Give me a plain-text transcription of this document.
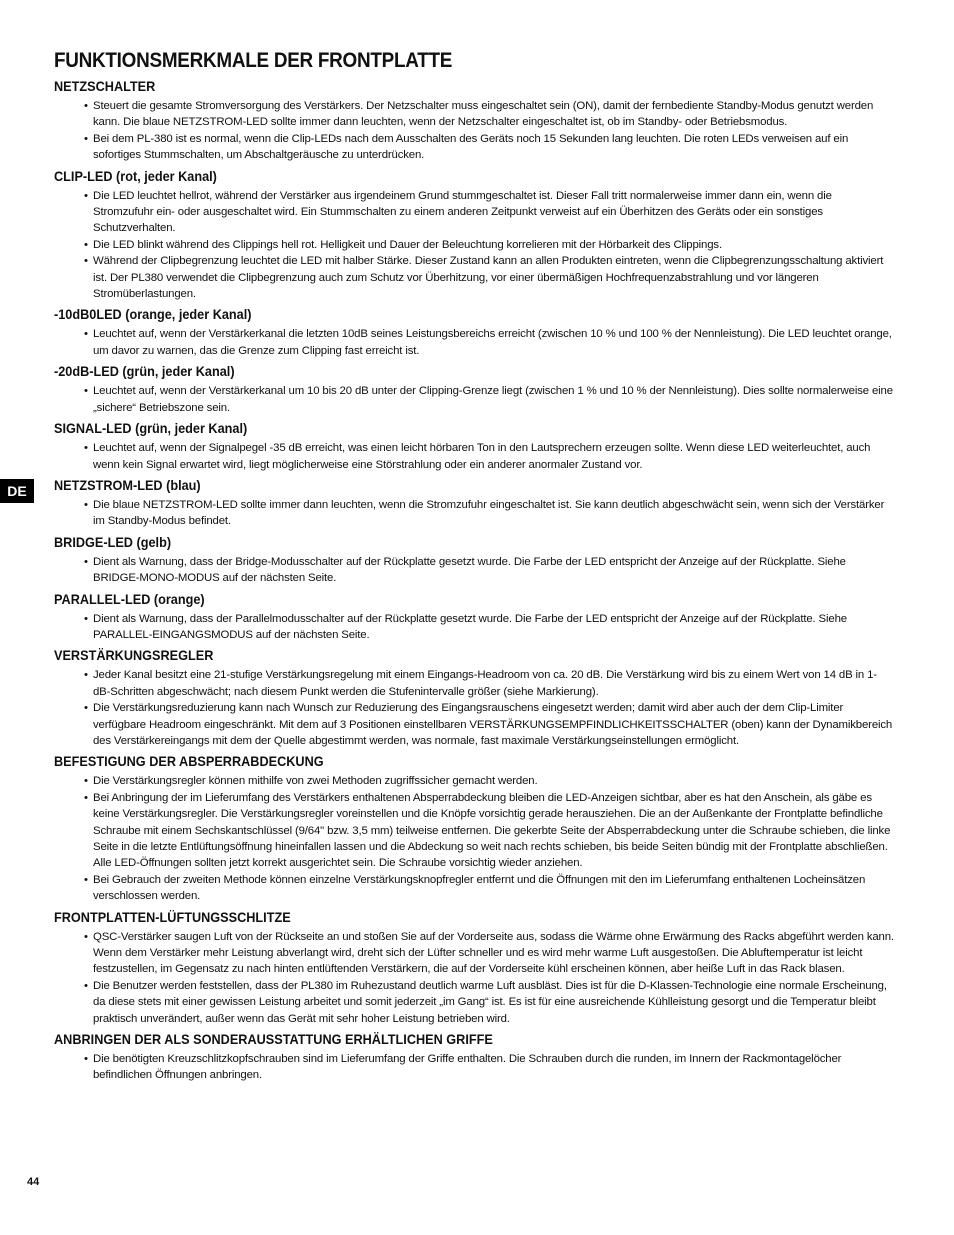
FUNKTIONSMERKMALE DER FRONTPLATTE
DE
NETZSCHALTER
• Steuert die gesamte Stromversorgung des Verstärkers. Der Netzschalter muss eingeschaltet sein (ON), damit der fernbediente Standby-Modus genutzt werden kann. Die blaue NETZSTROM-LED sollte immer dann leuchten, wenn der Netzschalter eingeschaltet ist, ob im Standby- oder Betriebsmodus.
• Bei dem PL-380 ist es normal, wenn die Clip-LEDs nach dem Ausschalten des Geräts noch 15 Sekunden lang leuchten. Die roten LEDs verweisen auf ein sofortiges Stummschalten, um Abschaltgeräusche zu unterdrücken.
CLIP-LED (rot, jeder Kanal)
• Die LED leuchtet hellrot, während der Verstärker aus irgendeinem Grund stummgeschaltet ist. Dieser Fall tritt normalerweise immer dann ein, wenn die Stromzufuhr ein- oder ausgeschaltet wird. Ein Stummschalten zu einem anderen Zeitpunkt verweist auf ein Überhitzen des Geräts oder ein sonstiges Schutzverhalten.
• Die LED blinkt während des Clippings hell rot. Helligkeit und Dauer der Beleuchtung korrelieren mit der Hörbarkeit des Clippings.
• Während der Clipbegrenzung leuchtet die LED mit halber Stärke. Dieser Zustand kann an allen Produkten eintreten, wenn die Clipbegrenzungsschaltung aktiviert ist. Der PL380 verwendet die Clipbegrenzung auch zum Schutz vor Überhitzung, vor einer übermäßigen Hochfrequenzabstrahlung und vor längeren Stromüberlastungen.
-10dB0LED (orange, jeder Kanal)
• Leuchtet auf, wenn der Verstärkerkanal die letzten 10dB seines Leistungsbereichs erreicht (zwischen 10 % und 100 % der Nennleistung). Die LED leuchtet orange, um davor zu warnen, das die Grenze zum Clipping fast erreicht ist.
-20dB-LED (grün, jeder Kanal)
• Leuchtet auf, wenn der Verstärkerkanal um 10 bis 20 dB unter der Clipping-Grenze liegt (zwischen 1 % und 10 % der Nennleistung). Dies sollte normalerweise eine „sichere“ Betriebszone sein.
SIGNAL-LED (grün, jeder Kanal)
• Leuchtet auf, wenn der Signalpegel -35 dB erreicht, was einen leicht hörbaren Ton in den Lautsprechern erzeugen sollte. Wenn diese LED weiterleuchtet, auch wenn kein Signal erwartet wird, liegt möglicherweise eine Störstrahlung oder ein anderer anormaler Zustand vor.
NETZSTROM-LED (blau)
• Die blaue NETZSTROM-LED sollte immer dann leuchten, wenn die Stromzufuhr eingeschaltet ist. Sie kann deutlich abgeschwächt sein, wenn sich der Verstärker im Standby-Modus befindet.
BRIDGE-LED (gelb)
• Dient als Warnung, dass der Bridge-Modusschalter auf der Rückplatte gesetzt wurde. Die Farbe der LED entspricht der Anzeige auf der Rückplatte. Siehe BRIDGE-MONO-MODUS auf der nächsten Seite.
PARALLEL-LED (orange)
• Dient als Warnung, dass der Parallelmodusschalter auf der Rückplatte gesetzt wurde. Die Farbe der LED entspricht der Anzeige auf der Rückplatte. Siehe PARALLEL-EINGANGSMODUS auf der nächsten Seite.
VERSTÄRKUNGSREGLER
• Jeder Kanal besitzt eine 21-stufige Verstärkungsregelung mit einem Eingangs-Headroom von ca. 20 dB. Die Verstärkung wird bis zu einem Wert von 14 dB in 1-dB-Schritten abgeschwächt; nach diesem Punkt werden die Stufenintervalle größer (siehe Markierung).
• Die Verstärkungsreduzierung kann nach Wunsch zur Reduzierung des Eingangsrauschens eingesetzt werden; damit wird aber auch der dem Clip-Limiter verfügbare Headroom eingeschränkt. Mit dem auf 3 Positionen einstellbaren VERSTÄRKUNGSEMPFINDLICHKEITSSCHALTER (oben) kann der Dynamikbereich des Verstärkereingangs mit dem der Quelle abgestimmt werden, was normale, fast maximale Verstärkungseinstellungen ermöglicht.
BEFESTIGUNG DER ABSPERRABDECKUNG
• Die Verstärkungsregler können mithilfe von zwei Methoden zugriffssicher gemacht werden.
• Bei Anbringung der im Lieferumfang des Verstärkers enthaltenen Absperrabdeckung bleiben die LED-Anzeigen sichtbar, aber es hat den Anschein, als gäbe es keine Verstärkungsregler. Die Verstärkungsregler voreinstellen und die Knöpfe vorsichtig gerade herausziehen. Die an der Außenkante der Frontplatte befindliche Schraube mit einem Sechskantschlüssel (9/64" bzw. 3,5 mm) teilweise entfernen. Die gekerbte Seite der Absperrabdeckung unter die Schraube schieben, die linke Seite in die letzte Entlüftungsöffnung hineinfallen lassen und die Abdeckung so weit nach rechts schieben, bis beide Seiten bündig mit der Frontplatte abschließen. Alle LED-Öffnungen sollten jetzt korrekt ausgerichtet sein. Die Schraube vorsichtig wieder anziehen.
• Bei Gebrauch der zweiten Methode können einzelne Verstärkungsknopfregler entfernt und die Öffnungen mit den im Lieferumfang enthaltenen Locheinsätzen verschlossen werden.
FRONTPLATTEN-LÜFTUNGSSCHLITZE
• QSC-Verstärker saugen Luft von der Rückseite an und stoßen Sie auf der Vorderseite aus, sodass die Wärme ohne Erwärmung des Racks abgeführt werden kann. Wenn dem Verstärker mehr Leistung abverlangt wird, dreht sich der Lüfter schneller und es wird mehr warme Luft ausgestoßen. Die Abluftemperatur ist leicht festzustellen, im Gegensatz zu nach hinten entlüftenden Verstärkern, die auf der Vorderseite kühl erscheinen können, aber heiße Luft in das Rack blasen.
• Die Benutzer werden feststellen, dass der PL380 im Ruhezustand deutlich warme Luft ausbläst. Dies ist für die D-Klassen-Technologie eine normale Erscheinung, da diese stets mit einer gewissen Leistung arbeitet und somit jederzeit „im Gang“ ist. Es ist für eine ausreichende Kühlleistung gesorgt und die Temperatur bleibt praktisch unverändert, außer wenn das Gerät mit sehr hoher Leistung betrieben wird.
ANBRINGEN DER ALS SONDERAUSSTATTUNG ERHÄLTLICHEN GRIFFE
• Die benötigten Kreuzschlitzkopfschrauben sind im Lieferumfang der Griffe enthalten. Die Schrauben durch die runden, im Innern der Rackmontagelöcher befindlichen Öffnungen anbringen.
44
